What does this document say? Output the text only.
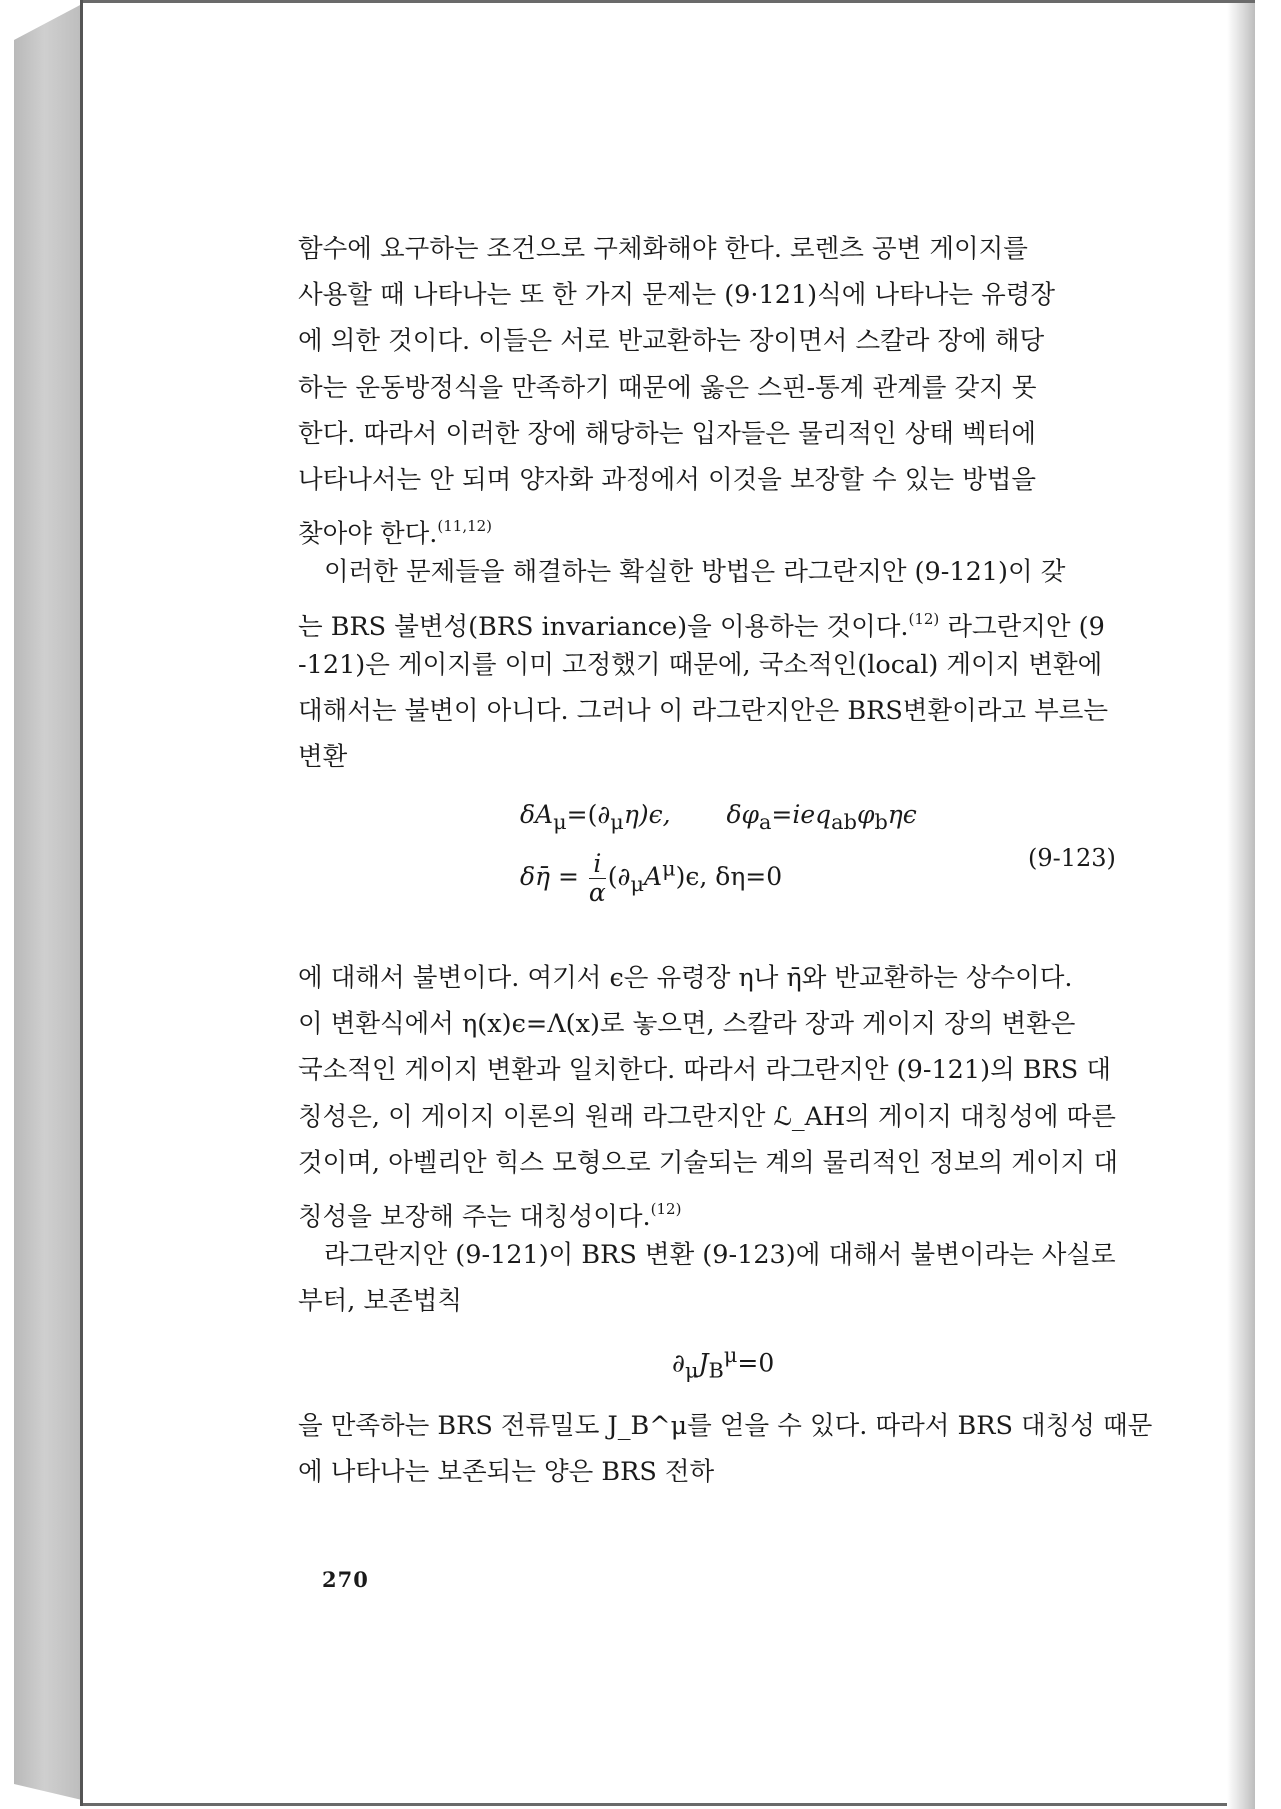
함수에 요구하는 조건으로 구체화해야 한다. 로렌츠 공변 게이지를
사용할 때 나타나는 또 한 가지 문제는 (9·121)식에 나타나는 유령장
에 의한 것이다. 이들은 서로 반교환하는 장이면서 스칼라 장에 해당
하는 운동방정식을 만족하기 때문에 옳은 스핀-통계 관계를 갖지 못
한다. 따라서 이러한 장에 해당하는 입자들은 물리적인 상태 벡터에
나타나서는 안 되며 양자화 과정에서 이것을 보장할 수 있는 방법을
찾아야 한다.$^{(11,12)}$
이러한 문제들을 해결하는 확실한 방법은 라그란지안 (9-121)이 갖
는 BRS 불변성(BRS invariance)을 이용하는 것이다.$^{(12)}$ 라그란지안 (9
-121)은 게이지를 이미 고정했기 때문에, 국소적인(local) 게이지 변환에
대해서는 불변이 아니다. 그러나 이 라그란지안은 BRS변환이라고 부르는
변환
$\delta A_\mu=(\partial_\mu\eta)\epsilon$, $\delta\varphi_a=ieq_{ab}\varphi_b\eta\epsilon$
δη̄ = $\frac{i}{\alpha} (\partial_\mu A^\mu)\epsilon$, δη=0
(9-123)
에 대해서 불변이다. 여기서 ϵ은 유령장 η나 η̄와 반교환하는 상수이다.
이 변환식에서 η(x)ϵ=Λ(x)로 놓으면, 스칼라 장과 게이지 장의 변환은
국소적인 게이지 변환과 일치한다. 따라서 라그란지안 (9-121)의 BRS 대
칭성은, 이 게이지 이론의 원래 라그란지안 ℒ_AH의 게이지 대칭성에 따른
것이며, 아벨리안 힉스 모형으로 기술되는 계의 물리적인 정보의 게이지 대
칭성을 보장해 주는 대칭성이다.$^{(12)}$
라그란지안 (9-121)이 BRS 변환 (9-123)에 대해서 불변이라는 사실로
부터, 보존법칙
$\partial_\mu J_B^\mu=0$
을 만족하는 BRS 전류밀도 J_B^μ를 얻을 수 있다. 따라서 BRS 대칭성 때문
에 나타나는 보존되는 양은 BRS 전하
270
